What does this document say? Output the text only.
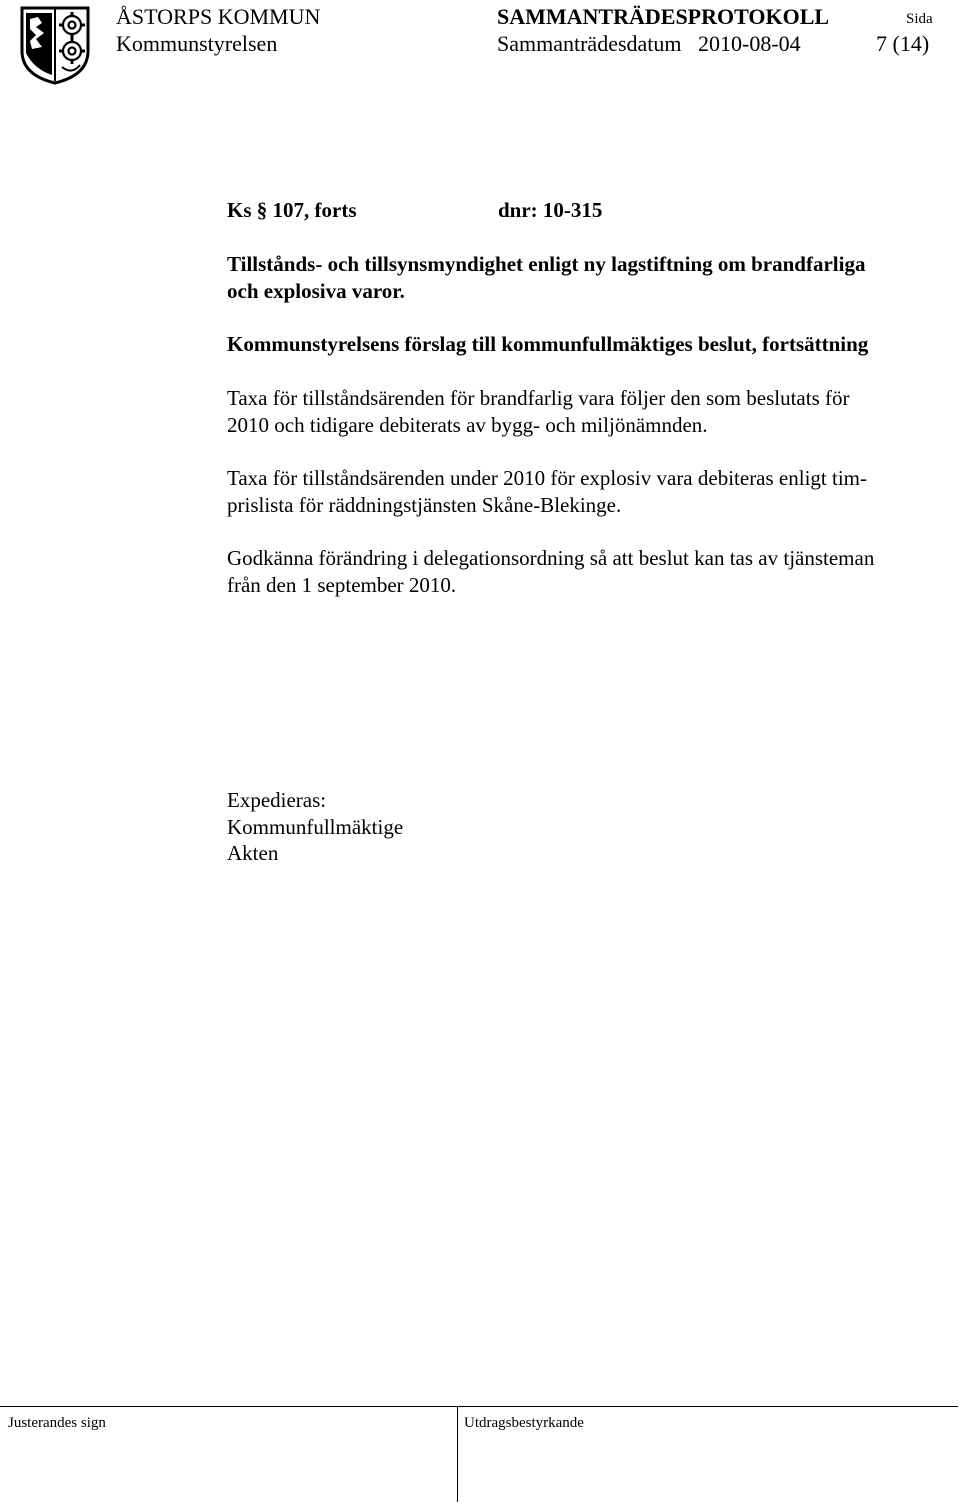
ÅSTORPS KOMMUN	SAMMANTRÄDESPROTOKOLL	Sida
Kommunstyrelsen	Sammanträdesdatum 2010-08-04	7 (14)
Ks § 107, forts	dnr: 10-315
Tillstånds- och tillsynsmyndighet enligt ny lagstiftning om brandfarliga
och explosiva varor.
Kommunstyrelsens förslag till kommunfullmäktiges beslut, fortsättning
Taxa för tillståndsärenden för brandfarlig vara följer den som beslutats för
2010 och tidigare debiterats av bygg- och miljönämnden.
Taxa för tillståndsärenden under 2010 för explosiv vara debiteras enligt tim-
prislista för räddningstjänsten Skåne-Blekinge.
Godkänna förändring i delegationsordning så att beslut kan tas av tjänsteman
från den 1 september 2010.
Expedieras:
Kommunfullmäktige
Akten
Justerandes sign	Utdragsbestyrkande
